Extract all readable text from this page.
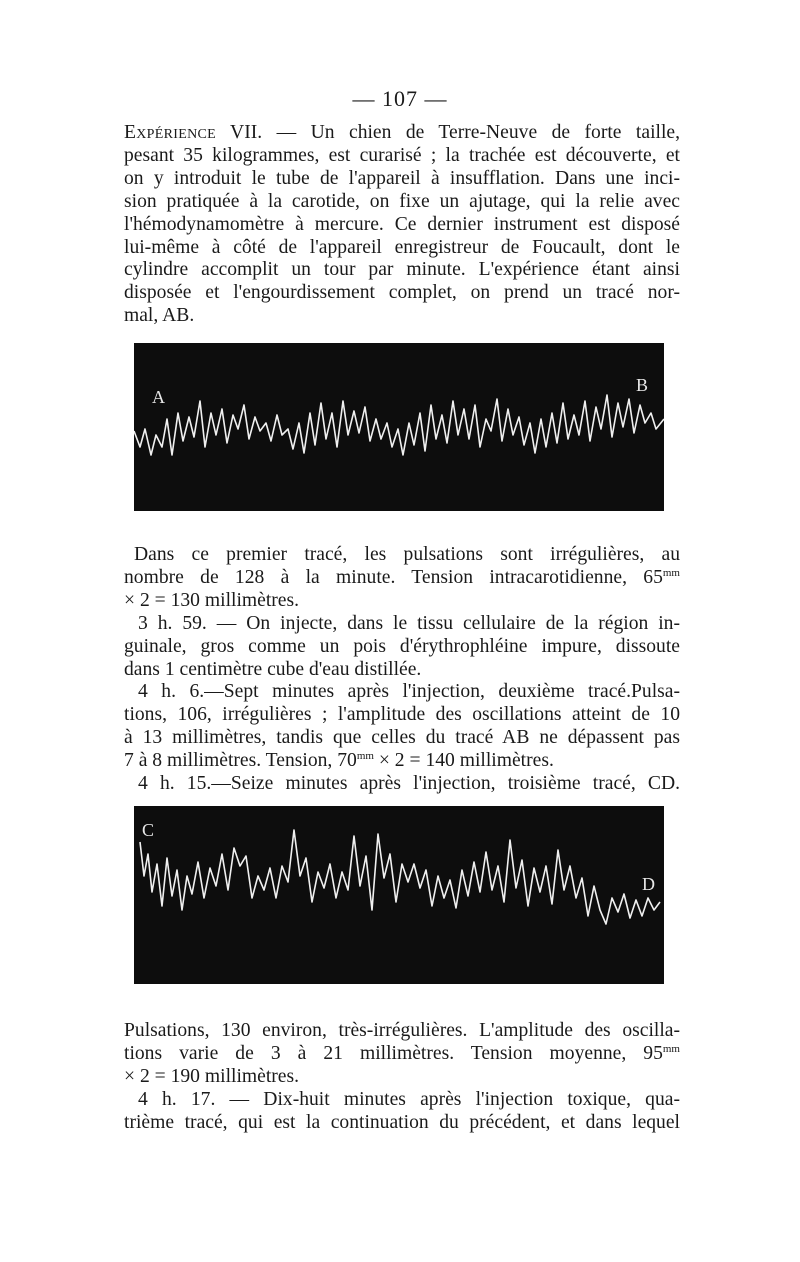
— 107 —
Expérience VII. — Un chien de Terre-Neuve de forte taille,
pesant 35 kilogrammes, est curarisé ; la trachée est découverte, et
on y introduit le tube de l'appareil à insufflation. Dans une inci-
sion pratiquée à la carotide, on fixe un ajutage, qui la relie avec
l'hémodynamomètre à mercure. Ce dernier instrument est disposé
lui-même à côté de l'appareil enregistreur de Foucault, dont le
cylindre accomplit un tour par minute. L'expérience étant ainsi
disposée et l'engourdissement complet, on prend un tracé nor-
mal, AB.
A
B
Dans ce premier tracé, les pulsations sont irrégulières, au
nombre de 128 à la minute. Tension intracarotidienne, $65^{mm}$
× 2 = 130 millimètres.
3 h. 59. — On injecte, dans le tissu cellulaire de la région in-
guinale, gros comme un pois d'érythrophléine impure, dissoute
dans 1 centimètre cube d'eau distillée.
4 h. 6.—Sept minutes après l'injection, deuxième tracé.Pulsa-
tions, 106, irrégulières ; l'amplitude des oscillations atteint de 10
à 13 millimètres, tandis que celles du tracé AB ne dépassent pas
7 à 8 millimètres. Tension, $70^{mm} \times 2 = 140$ millimètres.
4 h. 15.—Seize minutes après l'injection, troisième tracé, CD.
C
D
Pulsations, 130 environ, très-irrégulières. L'amplitude des oscilla-
tions varie de 3 à 21 millimètres. Tension moyenne, $95^{mm}$
× 2 = 190 millimètres.
4 h. 17. — Dix-huit minutes après l'injection toxique, qua-
trième tracé, qui est la continuation du précédent, et dans lequel
